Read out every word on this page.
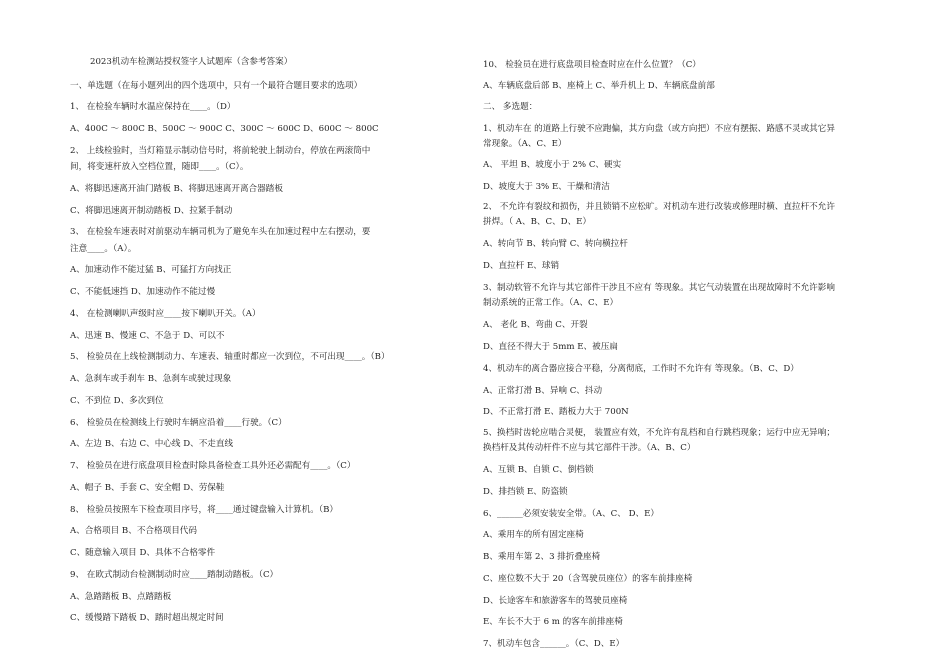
2023机动车检测站授权签字人试题库（含参考答案）
一、单选题（在每小题列出的四个选项中，只有一个最符合题目要求的选项）
1、 在检验车辆时水温应保持在____。（D）
A、400C ～ 800C B、500C ～ 900C C、300C ～ 600C D、600C ～ 800C
2、 上线检验时，当灯箱显示制动信号时，将前轮驶上制动台，停放在两滚筒中
间，将变速杆放入空档位置，随即____。（C）。
A、将脚迅速离开油门踏板 B、将脚迅速离开离合器踏板
C、将脚迅速离开制动踏板 D、拉紧手制动
3、 在检验车速表时对前驱动车辆司机为了避免车头在加速过程中左右摆动，要
注意____。（A）。
A、加速动作不能过猛 B、可猛打方向找正
C、不能低速挡 D、加速动作不能过慢
4、 在检测喇叭声级时应____按下喇叭开关。（A）
A、迅速 B、慢速 C、不急于 D、可以不
5、 检验员在上线检测制动力、车速表、轴重时都应一次到位，不可出现____。（B）
A、急刹车或手刹车 B、急刹车或驶过现象
C、不到位 D、多次到位
6、 检验员在检测线上行驶时车辆应沿着____行驶。（C）
A、左边 B、右边 C、中心线 D、不走直线
7、 检验员在进行底盘项目检查时除具备检查工具外还必需配有____。（C）
A、帽子 B、手套 C、安全帽 D、劳保鞋
8、 检验员按照车下检查项目序号，将____通过键盘输入计算机。（B）
A、合格项目 B、不合格项目代码
C、随意输入项目 D、具体不合格零件
9、 在欧式制动台检测制动时应____踏制动踏板。（C）
A、急踏踏板 B、点踏踏板
C、缓慢踏下踏板 D、踏时超出规定时间
10、 检验员在进行底盘项目检查时应在什么位置？（C）
A、车辆底盘后部 B、座椅上 C、举升机上 D、车辆底盘前部
二、 多选题：
1、机动车在 的道路上行驶不应跑偏，其方向盘（或方向把）不应有摆振、路感不灵或其它异
常现象。（A、C、E）
A、 平坦 B、坡度小于 2% C、硬实
D、坡度大于 3% E、干燥和清洁
2、 不允许有裂纹和损伤，并且锁销不应松旷。对机动车进行改装或修理时横、直拉杆不允许
拼焊。（ A、B、C、D、E）
A、转向节 B、转向臂 C、转向横拉杆
D、直拉杆 E、球销
3、制动软管不允许与其它部件干涉且不应有 等现象。其它气动装置在出现故障时不允许影响
制动系统的正常工作。（A、C、E）
A、 老化 B、弯曲 C、开裂
D、直径不得大于 5mm E、被压扁
4、机动车的离合器应接合平稳，分离彻底，工作时不允许有 等现象。（B、C、D）
A、正常打滑 B、异响 C、抖动
D、不正常打滑 E、踏板力大于 700N
5、换档时齿轮应啮合灵便， 装置应有效，不允许有乱档和自行跳档现象；运行中应无异响；
换档杆及其传动杆件不应与其它部件干涉。（A、B、C）
A、互锁 B、自锁 C、倒档锁
D、排挡锁 E、防盗锁
6、______必须安装安全带。（A、C、 D、E）
A、乘用车的所有固定座椅
B、乘用车第 2、3 排折叠座椅
C、座位数不大于 20（含驾驶员座位）的客车前排座椅
D、长途客车和旅游客车的驾驶员座椅
E、车长不大于 6 m 的客车前排座椅
7、机动车包含______。（C、D、E）
